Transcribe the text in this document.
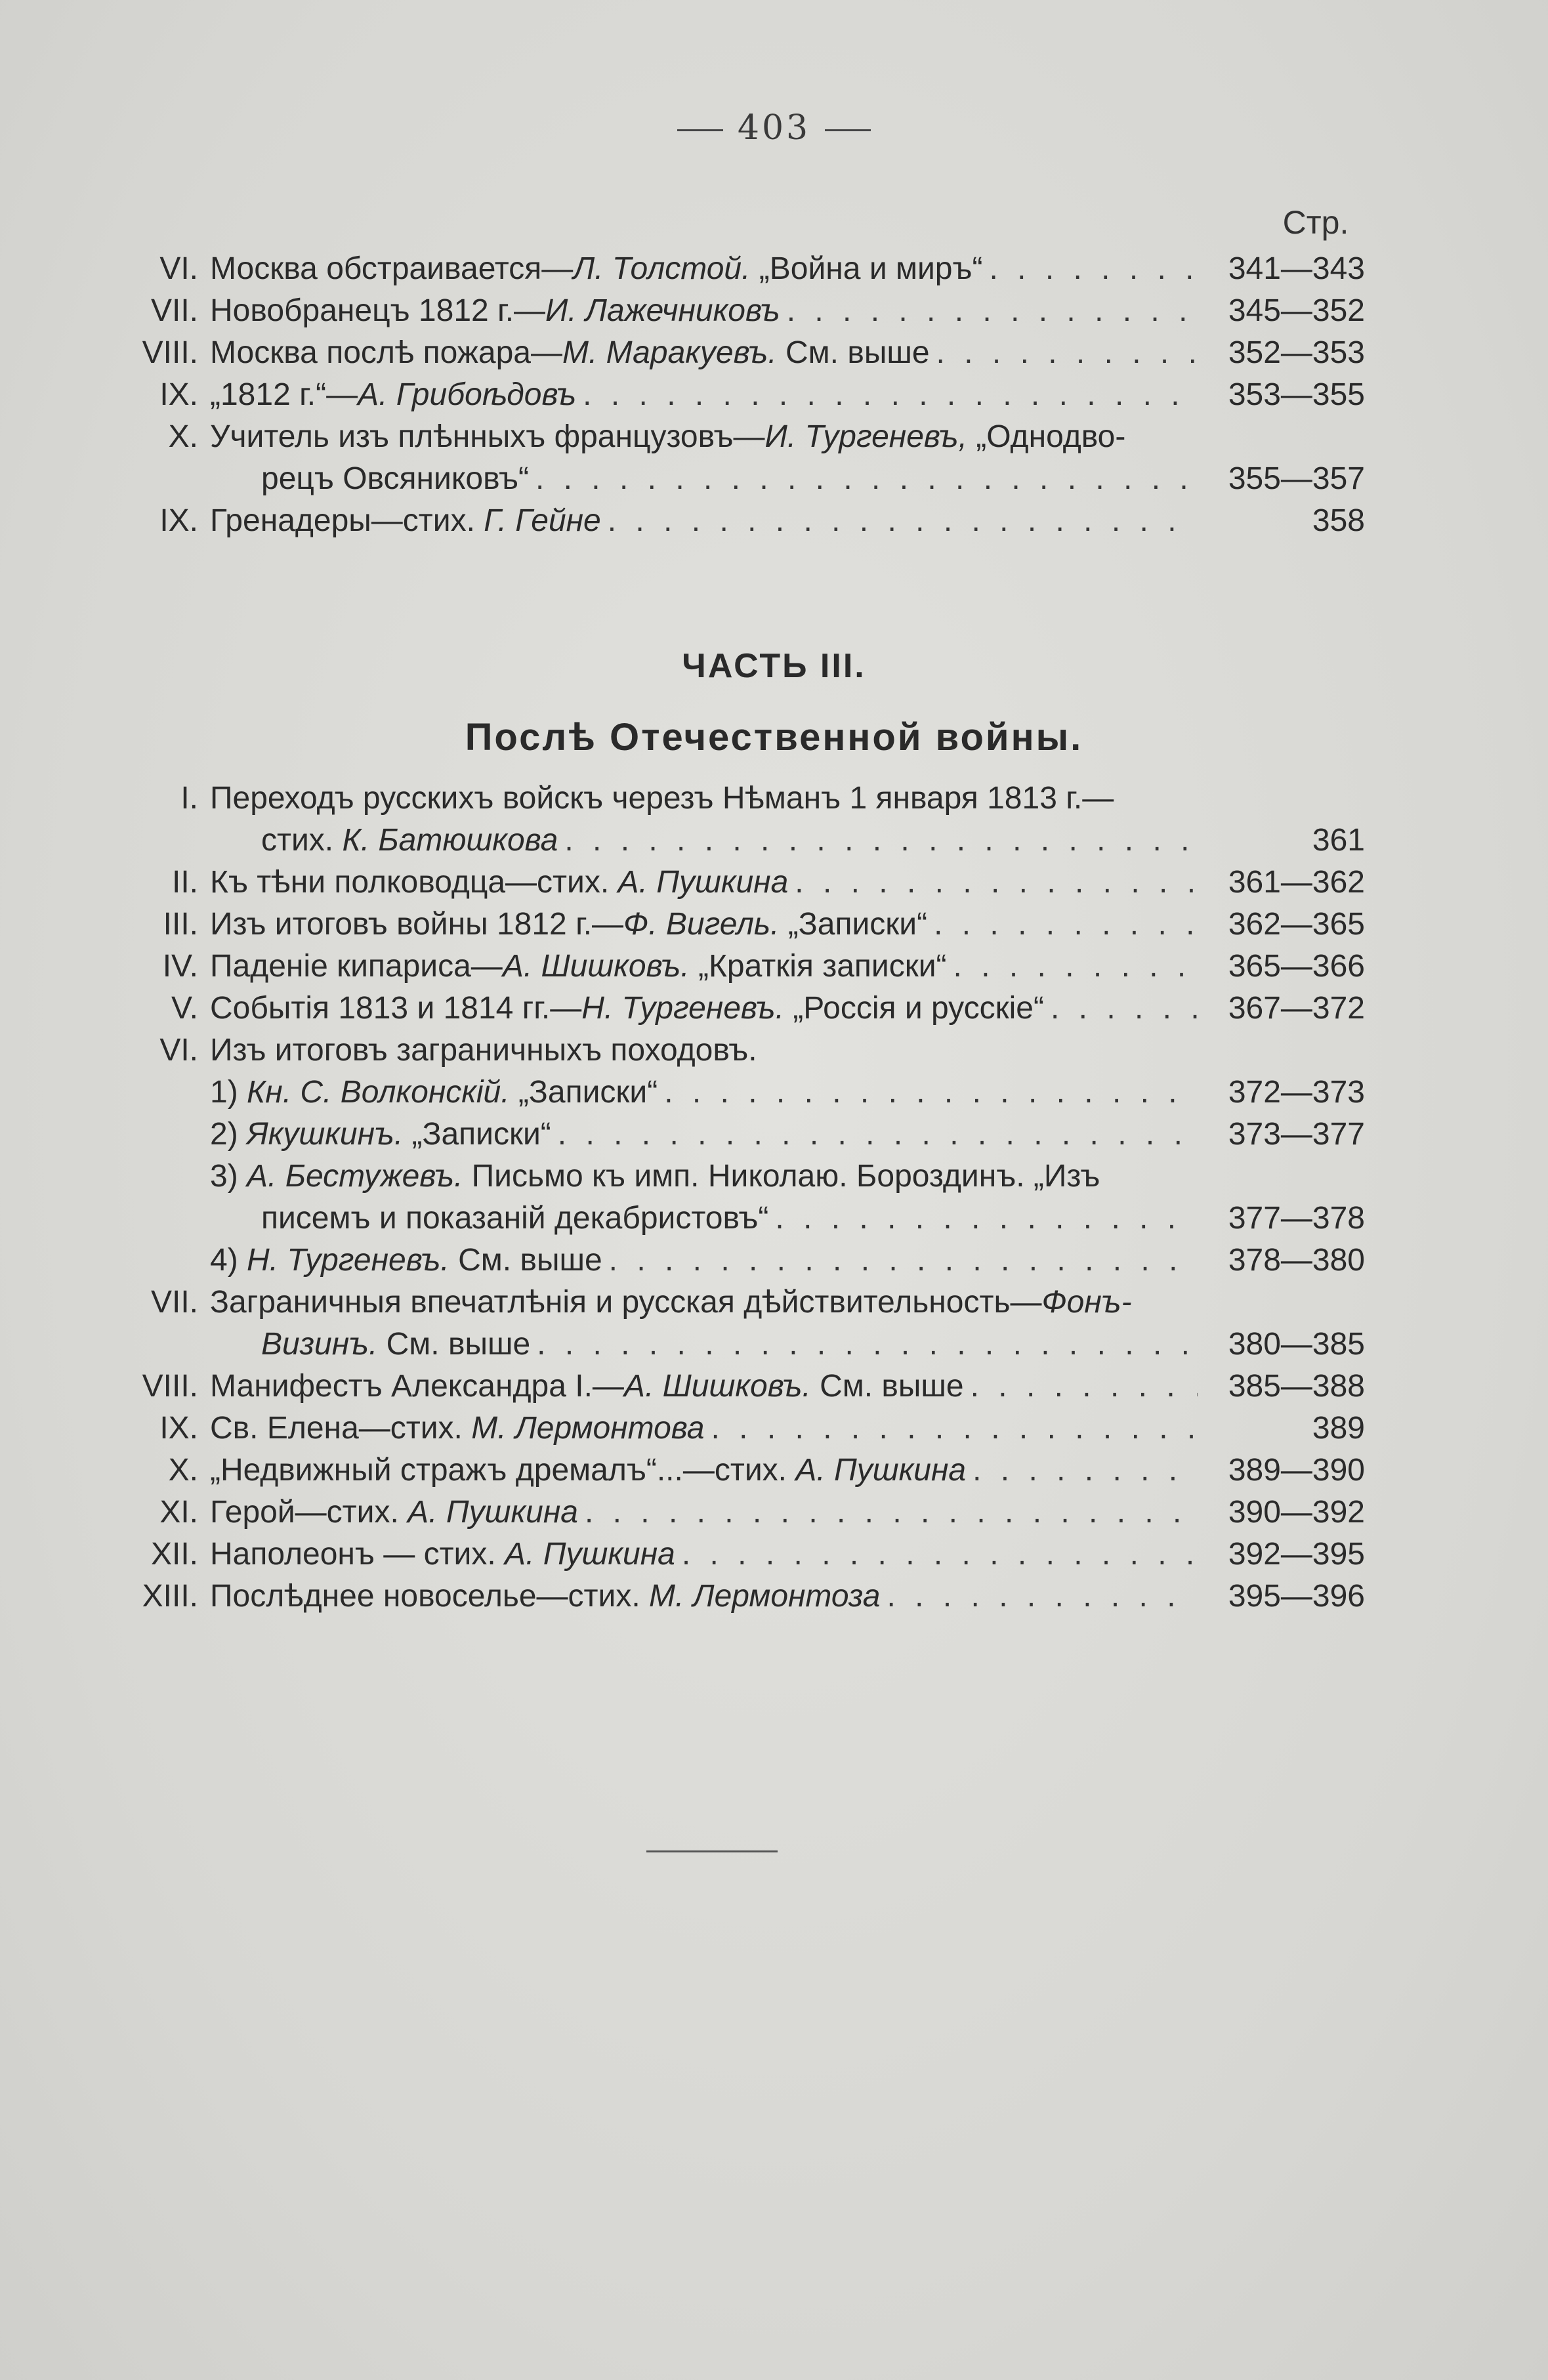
403
Стр.
VI. Москва обстраивается— Л. Толстой. „Война и миръ“ . . .	341—343
VII. Новобранецъ 1812 г.— И. Лажечниковъ . . .	345—352
VIII. Москва послѣ пожара— М. Маракуевъ. См. выше . . .	352—353
IX. „1812 г.“— А. Грибоѣдовъ . . .	353—355
X. Учитель изъ плѣнныхъ французовъ— И. Тургеневъ, „Однодво-
рецъ Овсяниковъ“ . . .	355—357
IX. Гренадеры—стих. Г. Гейне . . .	358
ЧАСТЬ III.
Послѣ Отечественной войны.
I. Переходъ русскихъ войскъ черезъ Нѣманъ 1 января 1813 г.—
стих. К. Батюшкова . . .	361
II. Къ тѣни полководца—стих. А. Пушкина . . .	361—362
III. Изъ итоговъ войны 1812 г.— Ф. Вигель. „Записки“ . . .	362—365
IV. Паденіе кипариса— А. Шишковъ. „Краткія записки“ . . .	365—366
V. Событія 1813 и 1814 гг.— Н. Тургеневъ. „Россія и русскіе“ . . .	367—372
VI. Изъ итоговъ заграничныхъ походовъ.
1) Кн. С. Волконскій. „Записки“ . . .	372—373
2) Якушкинъ. „Записки“ . . .	373—377
3) А. Бестужевъ. Письмо къ имп. Николаю. Бороздинъ. „Изъ
писемъ и показаній декабристовъ“ . . .	377—378
4) Н. Тургеневъ. См. выше . . .	378—380
VII. Заграничныя впечатлѣнія и русская дѣйствительность— Фонъ-
Визинъ. См. выше . . .	380—385
VIII. Манифестъ Александра I.— А. Шишковъ. См. выше . . .	385—388
IX. Св. Елена—стих. М. Лермонтова . . .	389
X. „Недвижный стражъ дремалъ“...—стих. А. Пушкина . . .	389—390
XI. Герой—стих. А. Пушкина . . .	390—392
XII. Наполеонъ — стих. А. Пушкина . . .	392—395
XIII. Послѣднее новоселье—стих. М. Лермонтоза . . .	395—396
